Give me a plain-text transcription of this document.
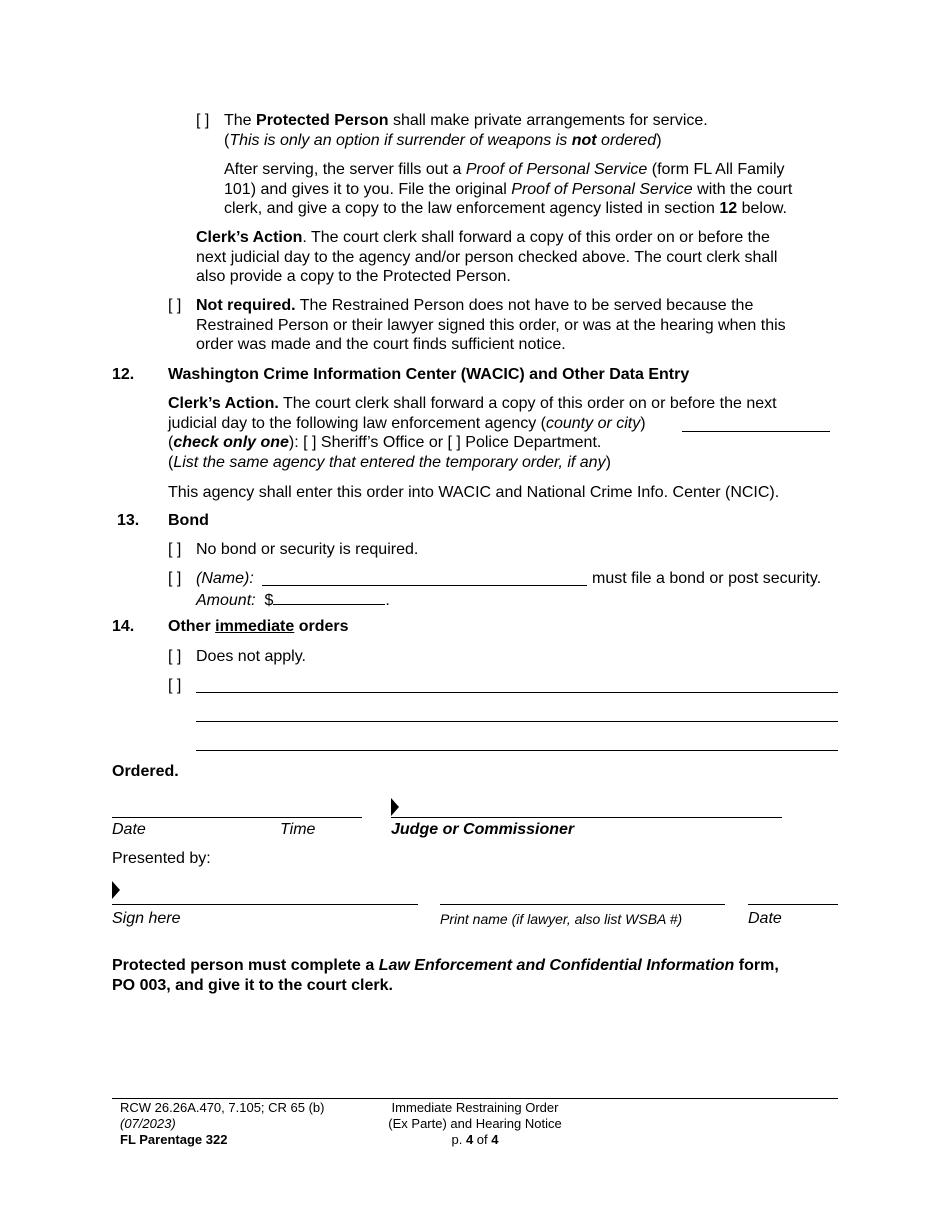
[ ] The Protected Person shall make private arrangements for service.
(This is only an option if surrender of weapons is not ordered)
After serving, the server fills out a Proof of Personal Service (form FL All Family
101) and gives it to you. File the original Proof of Personal Service with the court
clerk, and give a copy to the law enforcement agency listed in section 12 below.
Clerk’s Action. The court clerk shall forward a copy of this order on or before the
next judicial day to the agency and/or person checked above. The court clerk shall
also provide a copy to the Protected Person.
[ ] Not required. The Restrained Person does not have to be served because the
Restrained Person or their lawyer signed this order, or was at the hearing when this
order was made and the court finds sufficient notice.
12. Washington Crime Information Center (WACIC) and Other Data Entry
Clerk’s Action. The court clerk shall forward a copy of this order on or before the next
judicial day to the following law enforcement agency (county or city)
(check only one): [ ] Sheriff’s Office or [ ] Police Department.
(List the same agency that entered the temporary order, if any)
This agency shall enter this order into WACIC and National Crime Info. Center (NCIC).
13. Bond
[ ] No bond or security is required.
[ ] (Name):	must file a bond or post security.
Amount: $	.
14. Other immediate orders
[ ] Does not apply.
[ ]
Ordered.
Date	Time	Judge or Commissioner
Presented by:
Sign here	Print name (if lawyer, also list WSBA #)	Date
Protected person must complete a Law Enforcement and Confidential Information form,
PO 003, and give it to the court clerk.
RCW 26.26A.470, 7.105; CR 65 (b)
(07/2023)
FL Parentage 322
Immediate Restraining Order
(Ex Parte) and Hearing Notice
p. 4 of 4
